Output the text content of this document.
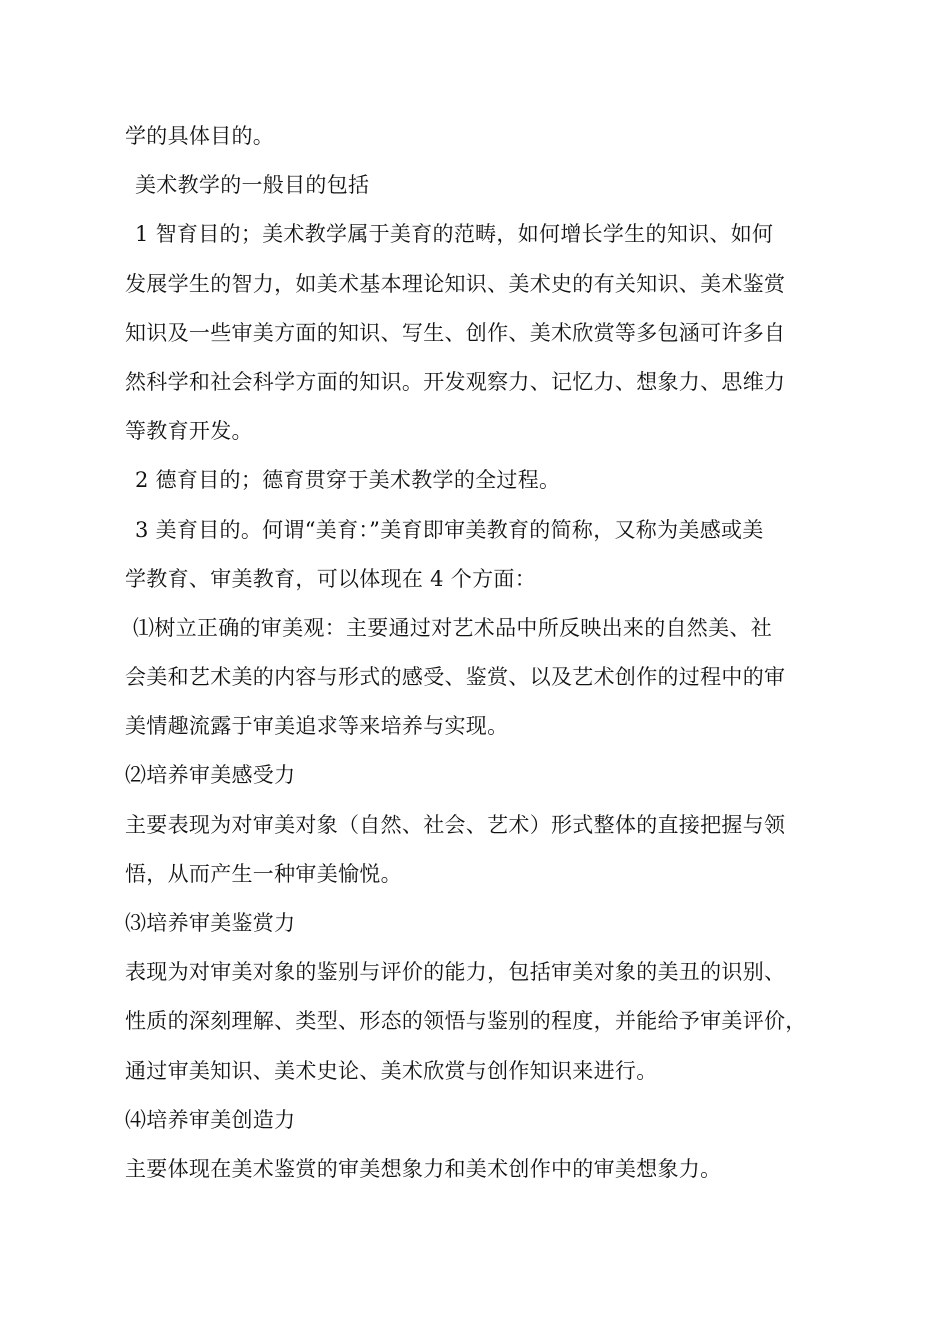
学的具体目的。
美术教学的一般目的包括
1 智育目的；美术教学属于美育的范畴，如何增长学生的知识、如何
发展学生的智力，如美术基本理论知识、美术史的有关知识、美术鉴赏
知识及一些审美方面的知识、写生、创作、美术欣赏等多包涵可许多自
然科学和社会科学方面的知识。开发观察力、记忆力、想象力、思维力
等教育开发。
2 德育目的；德育贯穿于美术教学的全过程。
3 美育目的。何谓“美育：”美育即审美教育的简称，又称为美感或美
学教育、审美教育，可以体现在 4 个方面：
⑴树立正确的审美观：主要通过对艺术品中所反映出来的自然美、社
会美和艺术美的内容与形式的感受、鉴赏、以及艺术创作的过程中的审
美情趣流露于审美追求等来培养与实现。
⑵培养审美感受力
主要表现为对审美对象（自然、社会、艺术）形式整体的直接把握与领
悟，从而产生一种审美愉悦。
⑶培养审美鉴赏力
表现为对审美对象的鉴别与评价的能力，包括审美对象的美丑的识别、
性质的深刻理解、类型、形态的领悟与鉴别的程度，并能给予审美评价，
通过审美知识、美术史论、美术欣赏与创作知识来进行。
⑷培养审美创造力
主要体现在美术鉴赏的审美想象力和美术创作中的审美想象力。
